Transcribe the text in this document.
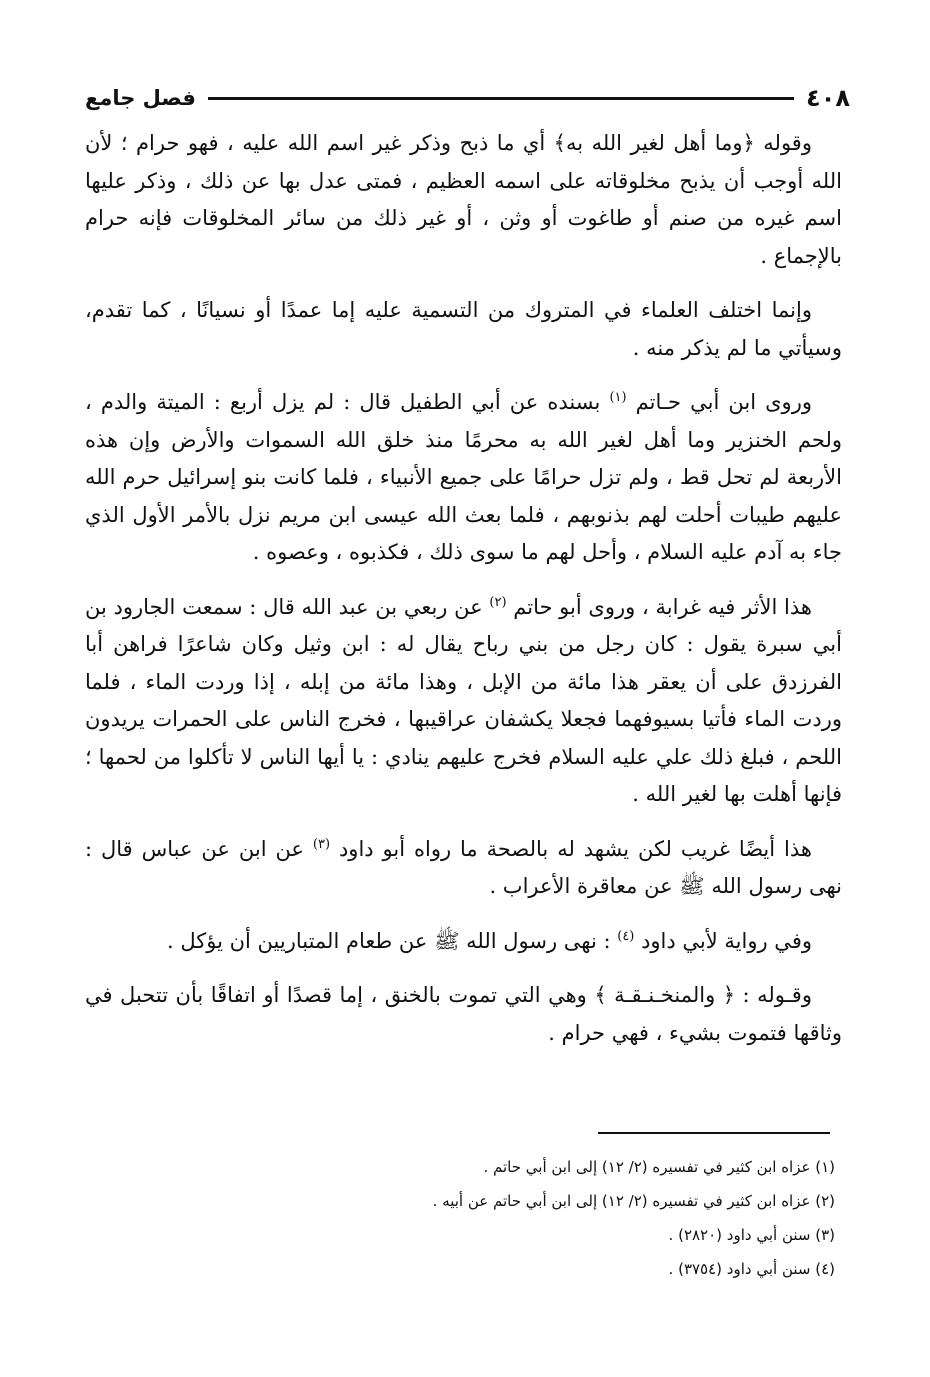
٤٠٨
فصل جامع

وقوله ﴿وما أهل لغير الله به﴾ أي ما ذبح وذكر غير اسم الله عليه ، فهو حرام ؛ لأن الله أوجب أن يذبح مخلوقاته على اسمه العظيم ، فمتى عدل بها عن ذلك ، وذكر عليها اسم غيره من صنم أو طاغوت أو وثن ، أو غير ذلك من سائر المخلوقات فإنه حرام بالإجماع .

وإنما اختلف العلماء في المتروك من التسمية عليه إما عمدًا أو نسيانًا ، كما تقدم، وسيأتي ما لم يذكر منه .

وروى ابن أبي حـاتم $^{(١)}$ بسنده عن أبي الطفيل قال : لم يزل أربع : الميتة والدم ، ولحم الخنزير وما أهل لغير الله به محرمًا منذ خلق الله السموات والأرض وإن هذه الأربعة لم تحل قط ، ولم تزل حرامًا على جميع الأنبياء ، فلما كانت بنو إسرائيل حرم الله عليهم طيبات أحلت لهم بذنوبهم ، فلما بعث الله عيسى ابن مريم نزل بالأمر الأول الذي جاء به آدم عليه السلام ، وأحل لهم ما سوى ذلك ، فكذبوه ، وعصوه .

هذا الأثر فيه غرابة ، وروى أبو حاتم $^{(٢)}$ عن ربعي بن عبد الله قال : سمعت الجارود بن أبي سبرة يقول : كان رجل من بني رباح يقال له : ابن وثيل وكان شاعرًا فراهن أبا الفرزدق على أن يعقر هذا مائة من الإبل ، وهذا مائة من إبله ، إذا وردت الماء ، فلما وردت الماء فأتيا بسيوفهما فجعلا يكشفان عراقيبها ، فخرج الناس على الحمرات يريدون اللحم ، فبلغ ذلك علي عليه السلام فخرج عليهم ينادي : يا أيها الناس لا تأكلوا من لحمها ؛ فإنها أهلت بها لغير الله .

هذا أيضًا غريب لكن يشهد له بالصحة ما رواه أبو داود $^{(٣)}$ عن ابن عن عباس قال : نهى رسول الله ﷺ عن معاقرة الأعراب .

وفي رواية لأبي داود $^{(٤)}$ : نهى رسول الله ﷺ عن طعام المتباريين أن يؤكل .

وقـوله : ﴿ والمنخـنـقـة ﴾ وهي التي تموت بالخنق ، إما قصدًا أو اتفاقًا بأن تتحبل في وثاقها فتموت بشيء ، فهي حرام .

(١) عزاه ابن كثير في تفسيره (٢/ ١٢) إلى ابن أبي حاتم .

(٢) عزاه ابن كثير في تفسيره (٢/ ١٢) إلى ابن أبي حاتم عن أبيه .

(٣) سنن أبي داود (٢٨٢٠) .

(٤) سنن أبي داود (٣٧٥٤) .
